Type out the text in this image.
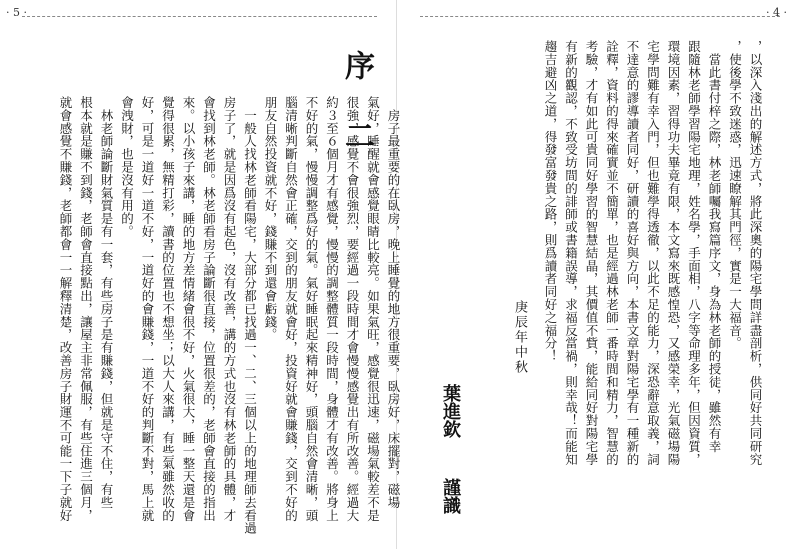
· 5 ·	· 4 ·
，以深入淺出的解述方式，將此深奧的陽宅學問詳盡剖析，供同好共同研究
，使後學不致迷惑，迅速瞭解其門徑，實是一大福音。
　當此書付梓之際，林老師囑我寫篇序文，身為林老師的授徒，雖然有幸
跟隨林老師學習陽宅地理，姓名學，手面相，八字等命理多年，但因資質，
環境因素，習得功夫畢竟有限，本文寫來既感惶恐，又感榮幸，光氣磁場陽
宅學問難有幸入門，但也難學得透徹，以此不足的能力，深恐辭意取義，詞
不達意的謬導讀者同好，研讀的喜好與方向，本書文章對陽宅學有一種新的
詮釋，資料的得來確實並不簡單，也是經過林老師一番時間和精力，智慧的
考驗，才有如此可貴同好學習的智慧結晶，其價值不貲，能給同好對陽宅學
有新的觀認，不致受坊間的誹師或書籍誤導，求福反當禍，則幸哉！而能知
趨吉避凶之道，得發富發貴之路，則爲讀者同好之福分！
庚辰年中秋
葉進欽謹識
序二 　房子最重要的在臥房，晚上睡覺的地方很重要，臥房好，床擺對，磁場
氣好，睡醒就會感覺眼睛比較亮。如果氣旺，感覺很迅速，磁場氣較差不是
很強，感覺不會很強烈，要經過一段時間才會慢慢感覺出有所改善。經過大
約３至６個月才有感覺，慢慢的調整體質一段時間，身體才有改善。將身上
不好的氣，慢慢調整爲好的氣。氣好睡眠起來精神好，頭腦自然會清晰，頭
腦清晰判斷自然會正確，交到的朋友就會好，投資好就會賺錢，交到不好的
朋友自然投資就不好，錢賺不到還會虧錢。
　一般人找林老師看陽宅，大部分都已找過一、二、三個以上的地理師去看過
房子了，就是因爲沒有起色，沒有改善，講的方式也沒有林老師的具體，才
會找到林老師。林老師看房子論斷很直接，位置很差的，老師會直接的指出
來。以小孩子來講，睡的地方差情緒會很不好，火氣很大，睡一整天還是會
覺得很累，無精打彩，讀書的位置也不想坐；以大人來講，有些氣雖然收的
好，可是一道好一道不好，一道好的會賺錢，一道不好的判斷不對，馬上就
會洩財，也是沒有用的。
　林老師論斷財氣質是有一套，有些房子是有賺錢，但就是守不住，有些
根本就是賺不到錢，老師會直接點出，讓屋主非常佩服，有些住進三個月，
就會感覺不賺錢，老師都會一一解釋清楚，改善房子財運不可能一下子就好
